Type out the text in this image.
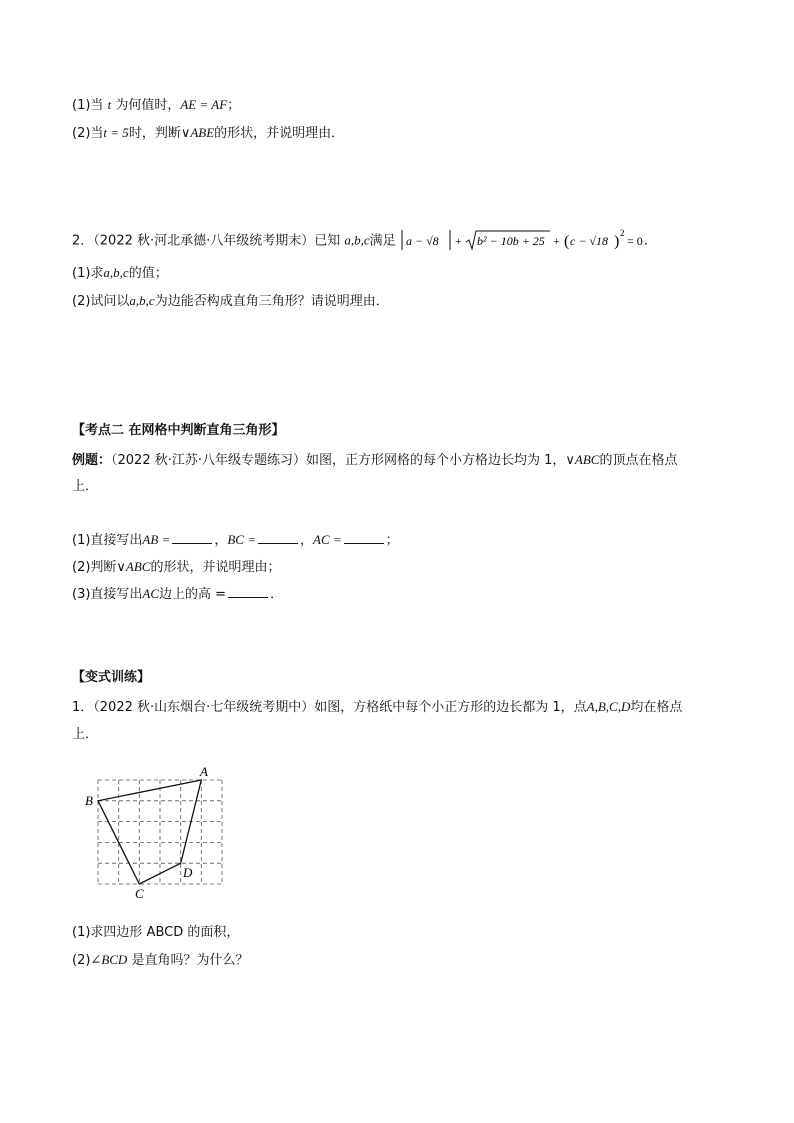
(1)当 t 为何值时，AE = AF；
(2)当t = 5时，判断∨ABE的形状，并说明理由．
2．（2022 秋·河北承德·八年级统考期末）已知 a,b,c满足 a − √8 + b² − 10b + 25 + ( c − √18 ) 2
= 0 ．
(1)求a,b,c的值；
(2)试问以a,b,c为边能否构成直角三角形？请说明理由．
【考点二 在网格中判断直角三角形】
例题：（2022 秋·江苏·八年级专题练习）如图，正方形网格的每个小方格边长均为 1，∨ABC的顶点在格点
上．
(1)直接写出AB =	，BC =	，AC =	；
(2)判断∨ABC的形状，并说明理由；
(3)直接写出AC边上的高 =	．
【变式训练】
1．（2022 秋·山东烟台·七年级统考期中）如图，方格纸中每个小正方形的边长都为 1，点A,B,C,D均在格点
上．
A
B
C
D
(1)求四边形 ABCD 的面积，
(2)∠BCD 是直角吗？为什么？
